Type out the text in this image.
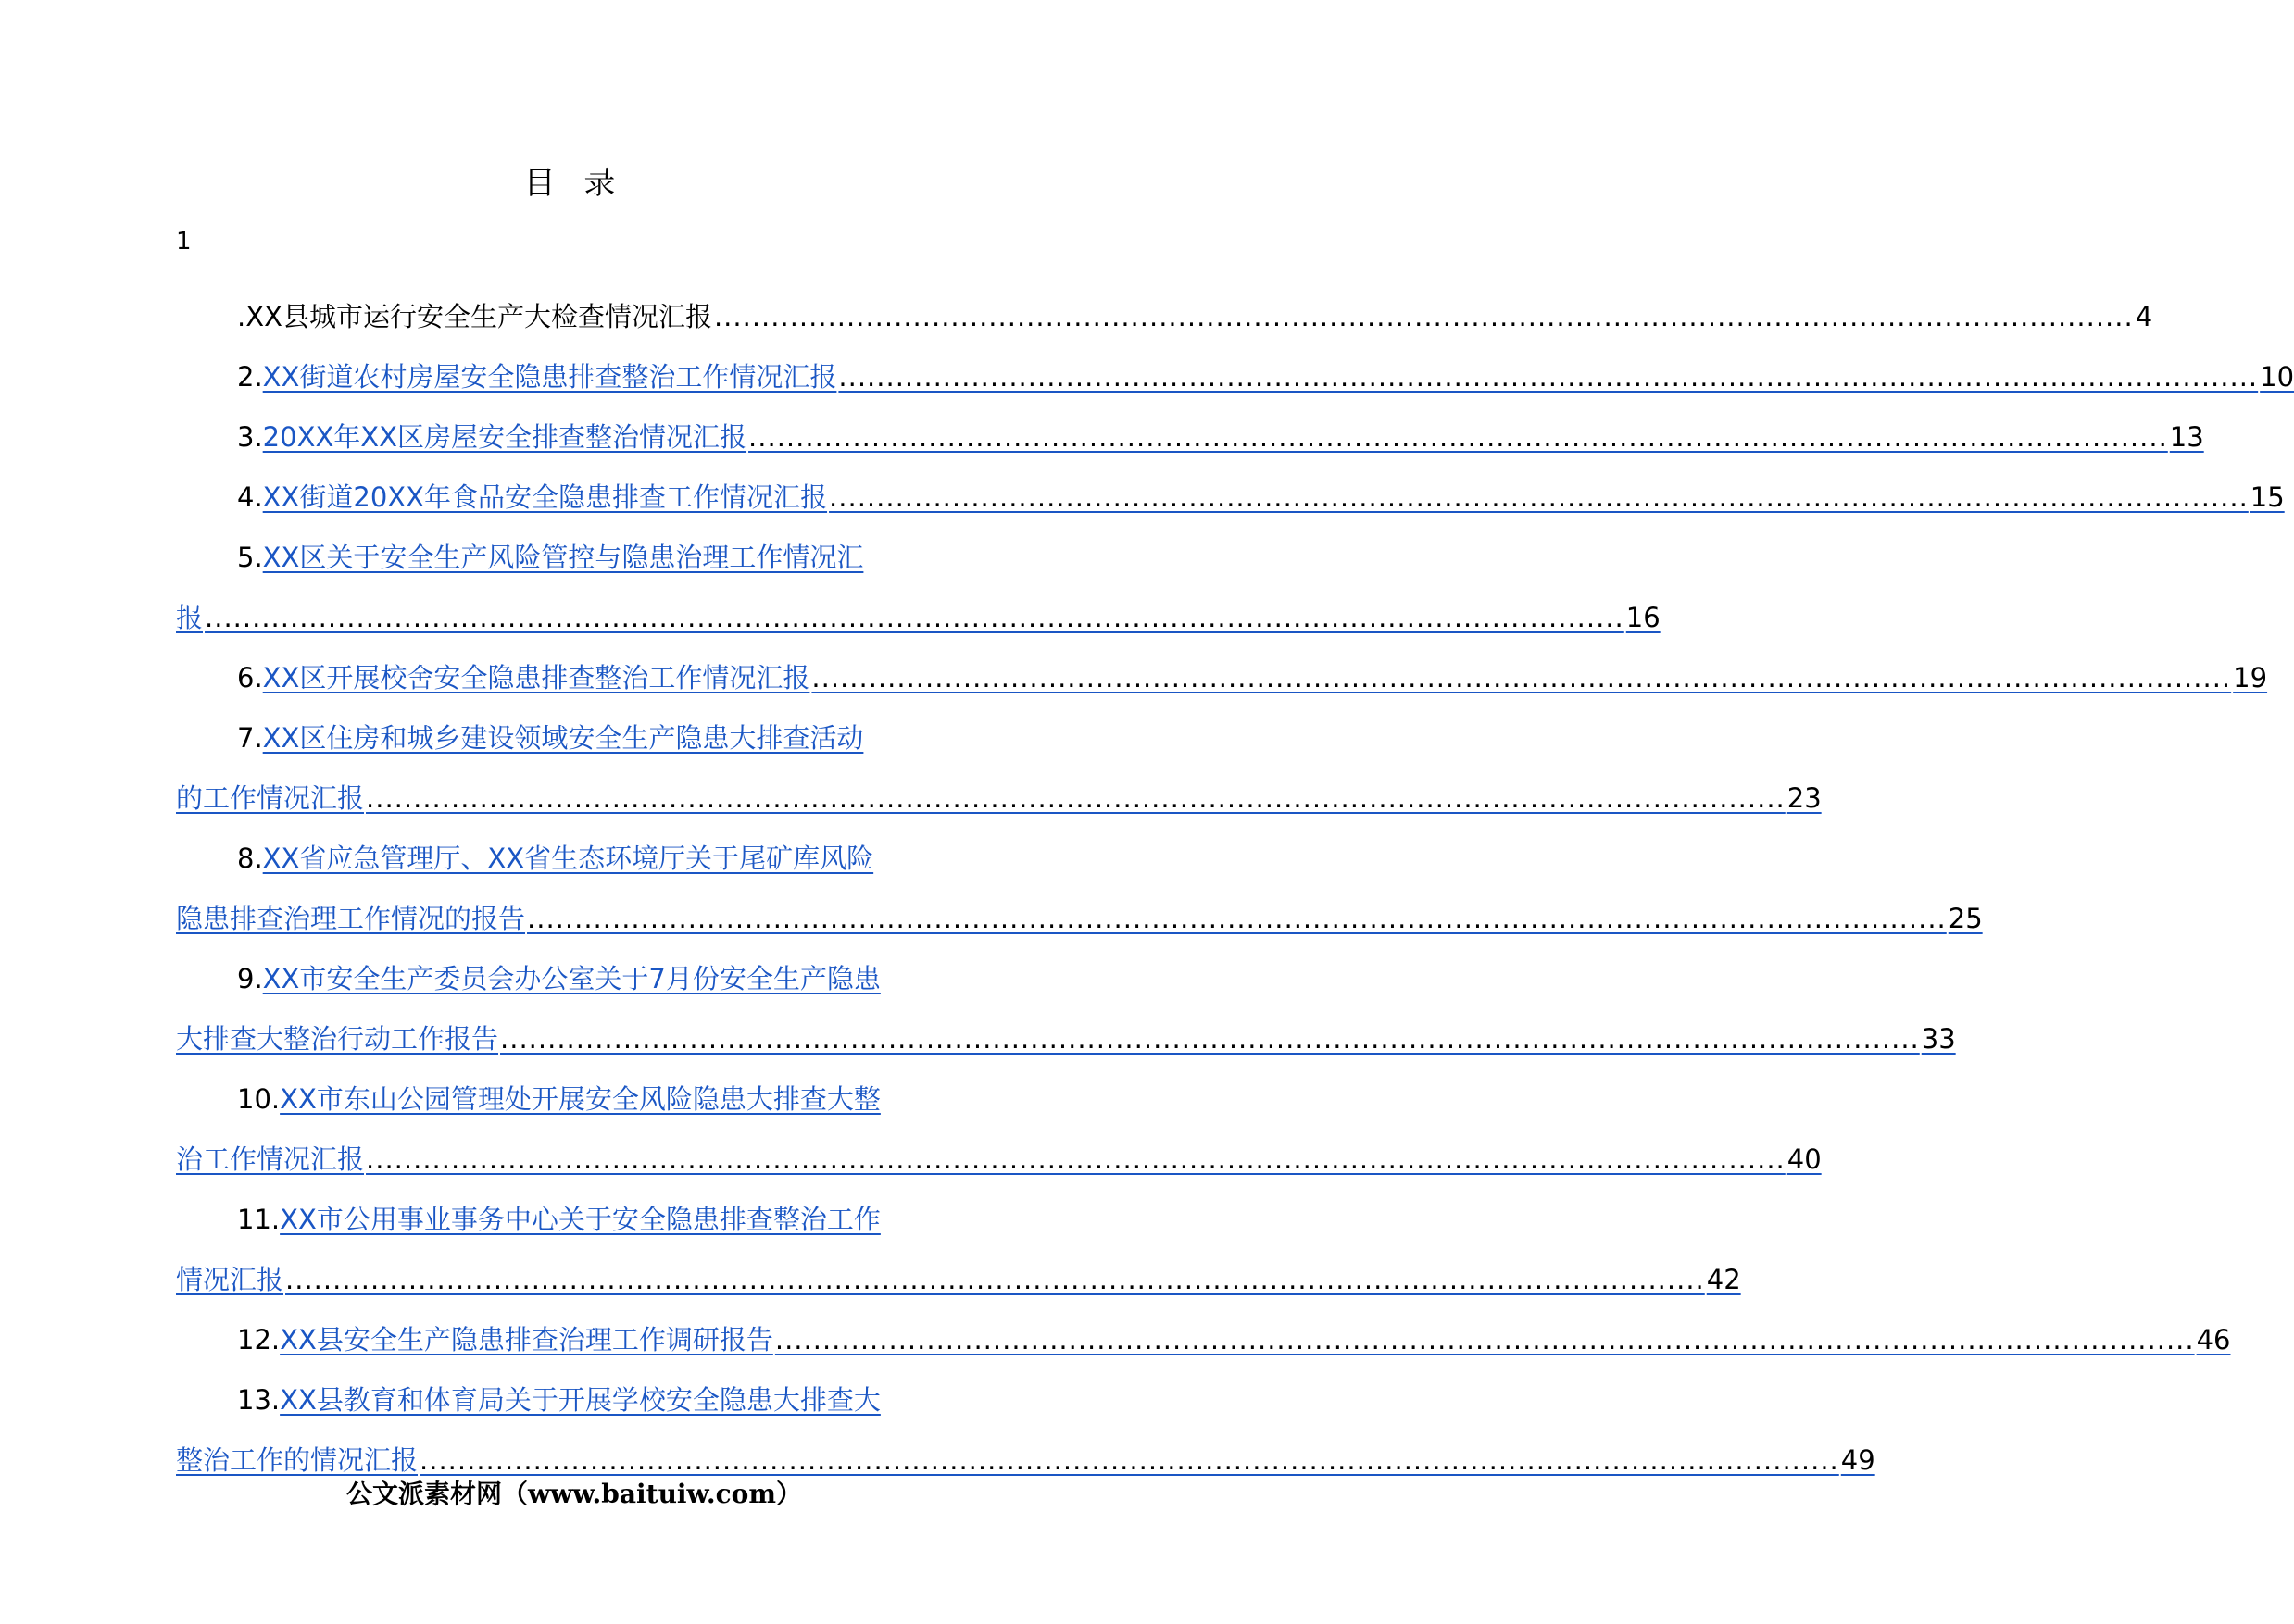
目 录
1
. XX县城市运行安全生产大检查情况汇报 ...................................................................................................................................................... 4
2. XX街道农村房屋安全隐患排查整治工作情况汇报 ...................................................................................................................................................... 10
3. 20XX年XX区房屋安全排查整治情况汇报 ...................................................................................................................................................... 13
4. XX街道20XX年食品安全隐患排查工作情况汇报 ...................................................................................................................................................... 15
5. XX区关于安全生产风险管控与隐患治理工作情况汇
报 ...................................................................................................................................................... 16
6. XX区开展校舍安全隐患排查整治工作情况汇报 ...................................................................................................................................................... 19
7. XX区住房和城乡建设领域安全生产隐患大排查活动
的工作情况汇报 ...................................................................................................................................................... 23
8. XX省应急管理厅、XX省生态环境厅关于尾矿库风险
隐患排查治理工作情况的报告 ...................................................................................................................................................... 25
9. XX市安全生产委员会办公室关于7月份安全生产隐患
大排查大整治行动工作报告 ...................................................................................................................................................... 33
10. XX市东山公园管理处开展安全风险隐患大排查大整
治工作情况汇报 ...................................................................................................................................................... 40
11. XX市公用事业事务中心关于安全隐患排查整治工作
情况汇报 ...................................................................................................................................................... 42
12. XX县安全生产隐患排查治理工作调研报告 ...................................................................................................................................................... 46
13. XX县教育和体育局关于开展学校安全隐患大排查大
整治工作的情况汇报 ...................................................................................................................................................... 49
公文派素材网（www.baituiw.com）
